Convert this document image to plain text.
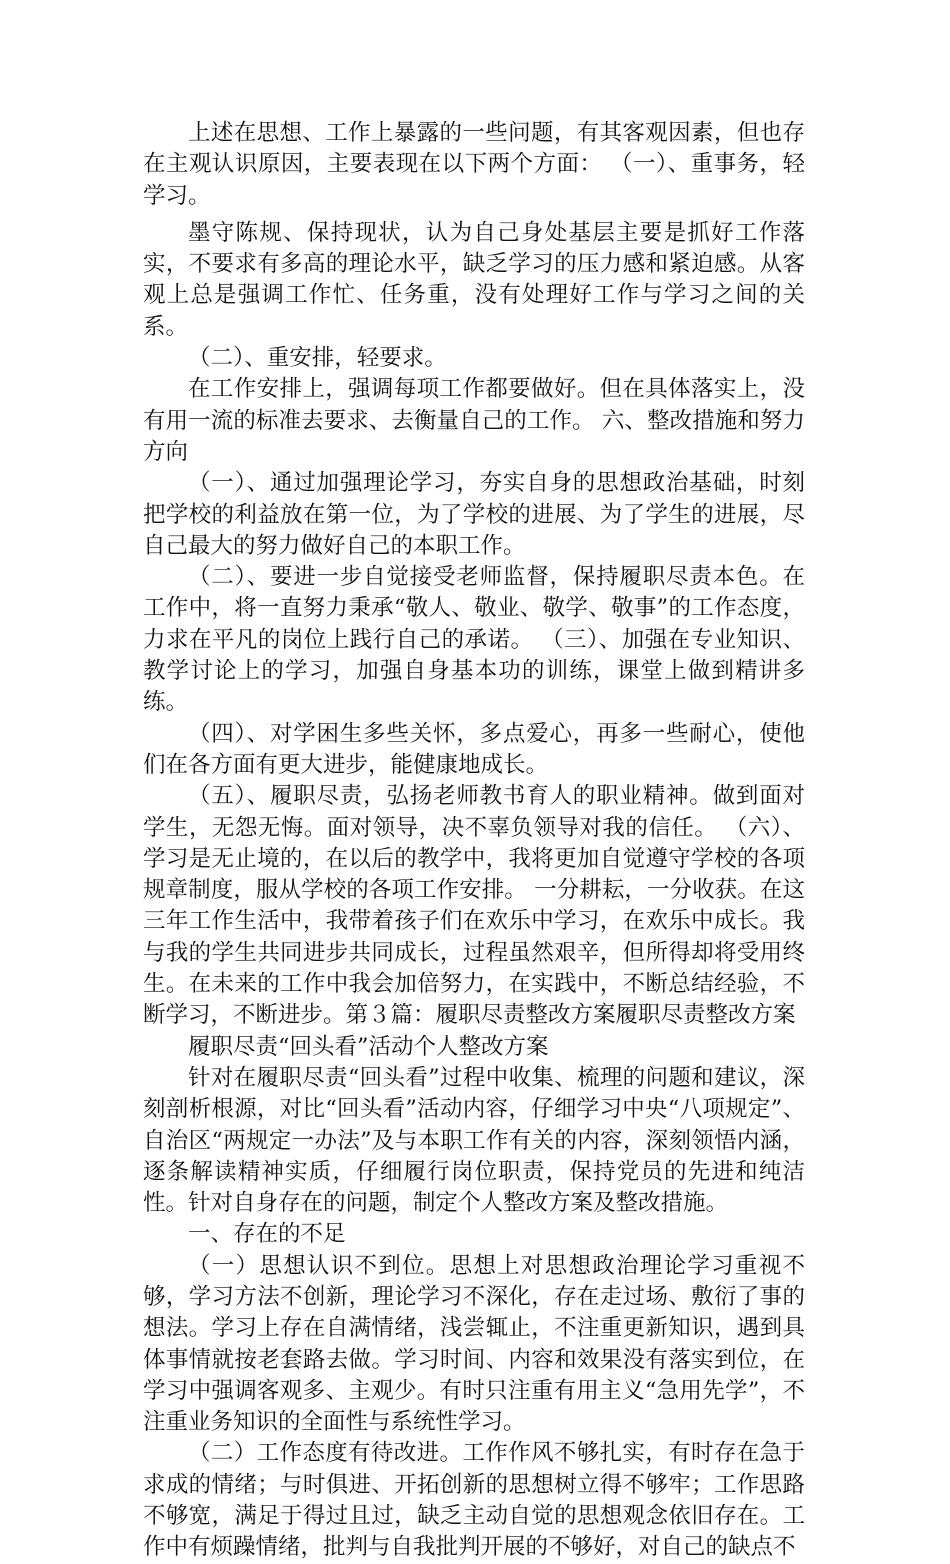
上述在思想、工作上暴露的一些问题，有其客观因素，但也存在主观认识原因，主要表现在以下两个方面： （一）、重事务，轻学习。

墨守陈规、保持现状，认为自己身处基层主要是抓好工作落实，不要求有多高的理论水平，缺乏学习的压力感和紧迫感。从客观上总是强调工作忙、任务重，没有处理好工作与学习之间的关系。

（二）、重安排，轻要求。

在工作安排上，强调每项工作都要做好。但在具体落实上，没有用一流的标准去要求、去衡量自己的工作。 六、整改措施和努力方向

（一）、通过加强理论学习，夯实自身的思想政治基础，时刻把学校的利益放在第一位，为了学校的进展、为了学生的进展，尽自己最大的努力做好自己的本职工作。

（二）、要进一步自觉接受老师监督，保持履职尽责本色。在工作中，将一直努力秉承“敬人、敬业、敬学、敬事”的工作态度，力求在平凡的岗位上践行自己的承诺。 （三）、加强在专业知识、教学讨论上的学习，加强自身基本功的训练，课堂上做到精讲多练。

（四）、对学困生多些关怀，多点爱心，再多一些耐心，使他们在各方面有更大进步，能健康地成长。

（五）、履职尽责，弘扬老师教书育人的职业精神。做到面对学生，无怨无悔。面对领导，决不辜负领导对我的信任。 （六）、学习是无止境的，在以后的教学中，我将更加自觉遵守学校的各项规章制度，服从学校的各项工作安排。 一分耕耘，一分收获。在这三年工作生活中，我带着孩子们在欢乐中学习，在欢乐中成长。我与我的学生共同进步共同成长，过程虽然艰辛，但所得却将受用终生。在未来的工作中我会加倍努力，在实践中，不断总结经验，不断学习，不断进步。第３篇：履职尽责整改方案履职尽责整改方案

履职尽责“回头看”活动个人整改方案

针对在履职尽责“回头看”过程中收集、梳理的问题和建议，深刻剖析根源，对比“回头看”活动内容，仔细学习中央“八项规定”、自治区“两规定一办法”及与本职工作有关的内容，深刻领悟内涵，逐条解读精神实质，仔细履行岗位职责，保持党员的先进和纯洁性。针对自身存在的问题，制定个人整改方案及整改措施。

一、存在的不足

（一）思想认识不到位。思想上对思想政治理论学习重视不够，学习方法不创新，理论学习不深化，存在走过场、敷衍了事的想法。学习上存在自满情绪，浅尝辄止，不注重更新知识，遇到具体事情就按老套路去做。学习时间、内容和效果没有落实到位，在学习中强调客观多、主观少。有时只注重有用主义“急用先学”，不注重业务知识的全面性与系统性学习。

（二）工作态度有待改进。工作作风不够扎实，有时存在急于求成的情绪；与时俱进、开拓创新的思想树立得不够牢；工作思路不够宽，满足于得过且过，缺乏主动自觉的思想观念依旧存在。工作中有烦躁情绪，批判与自我批判开展的不够好，对自己的缺点不
